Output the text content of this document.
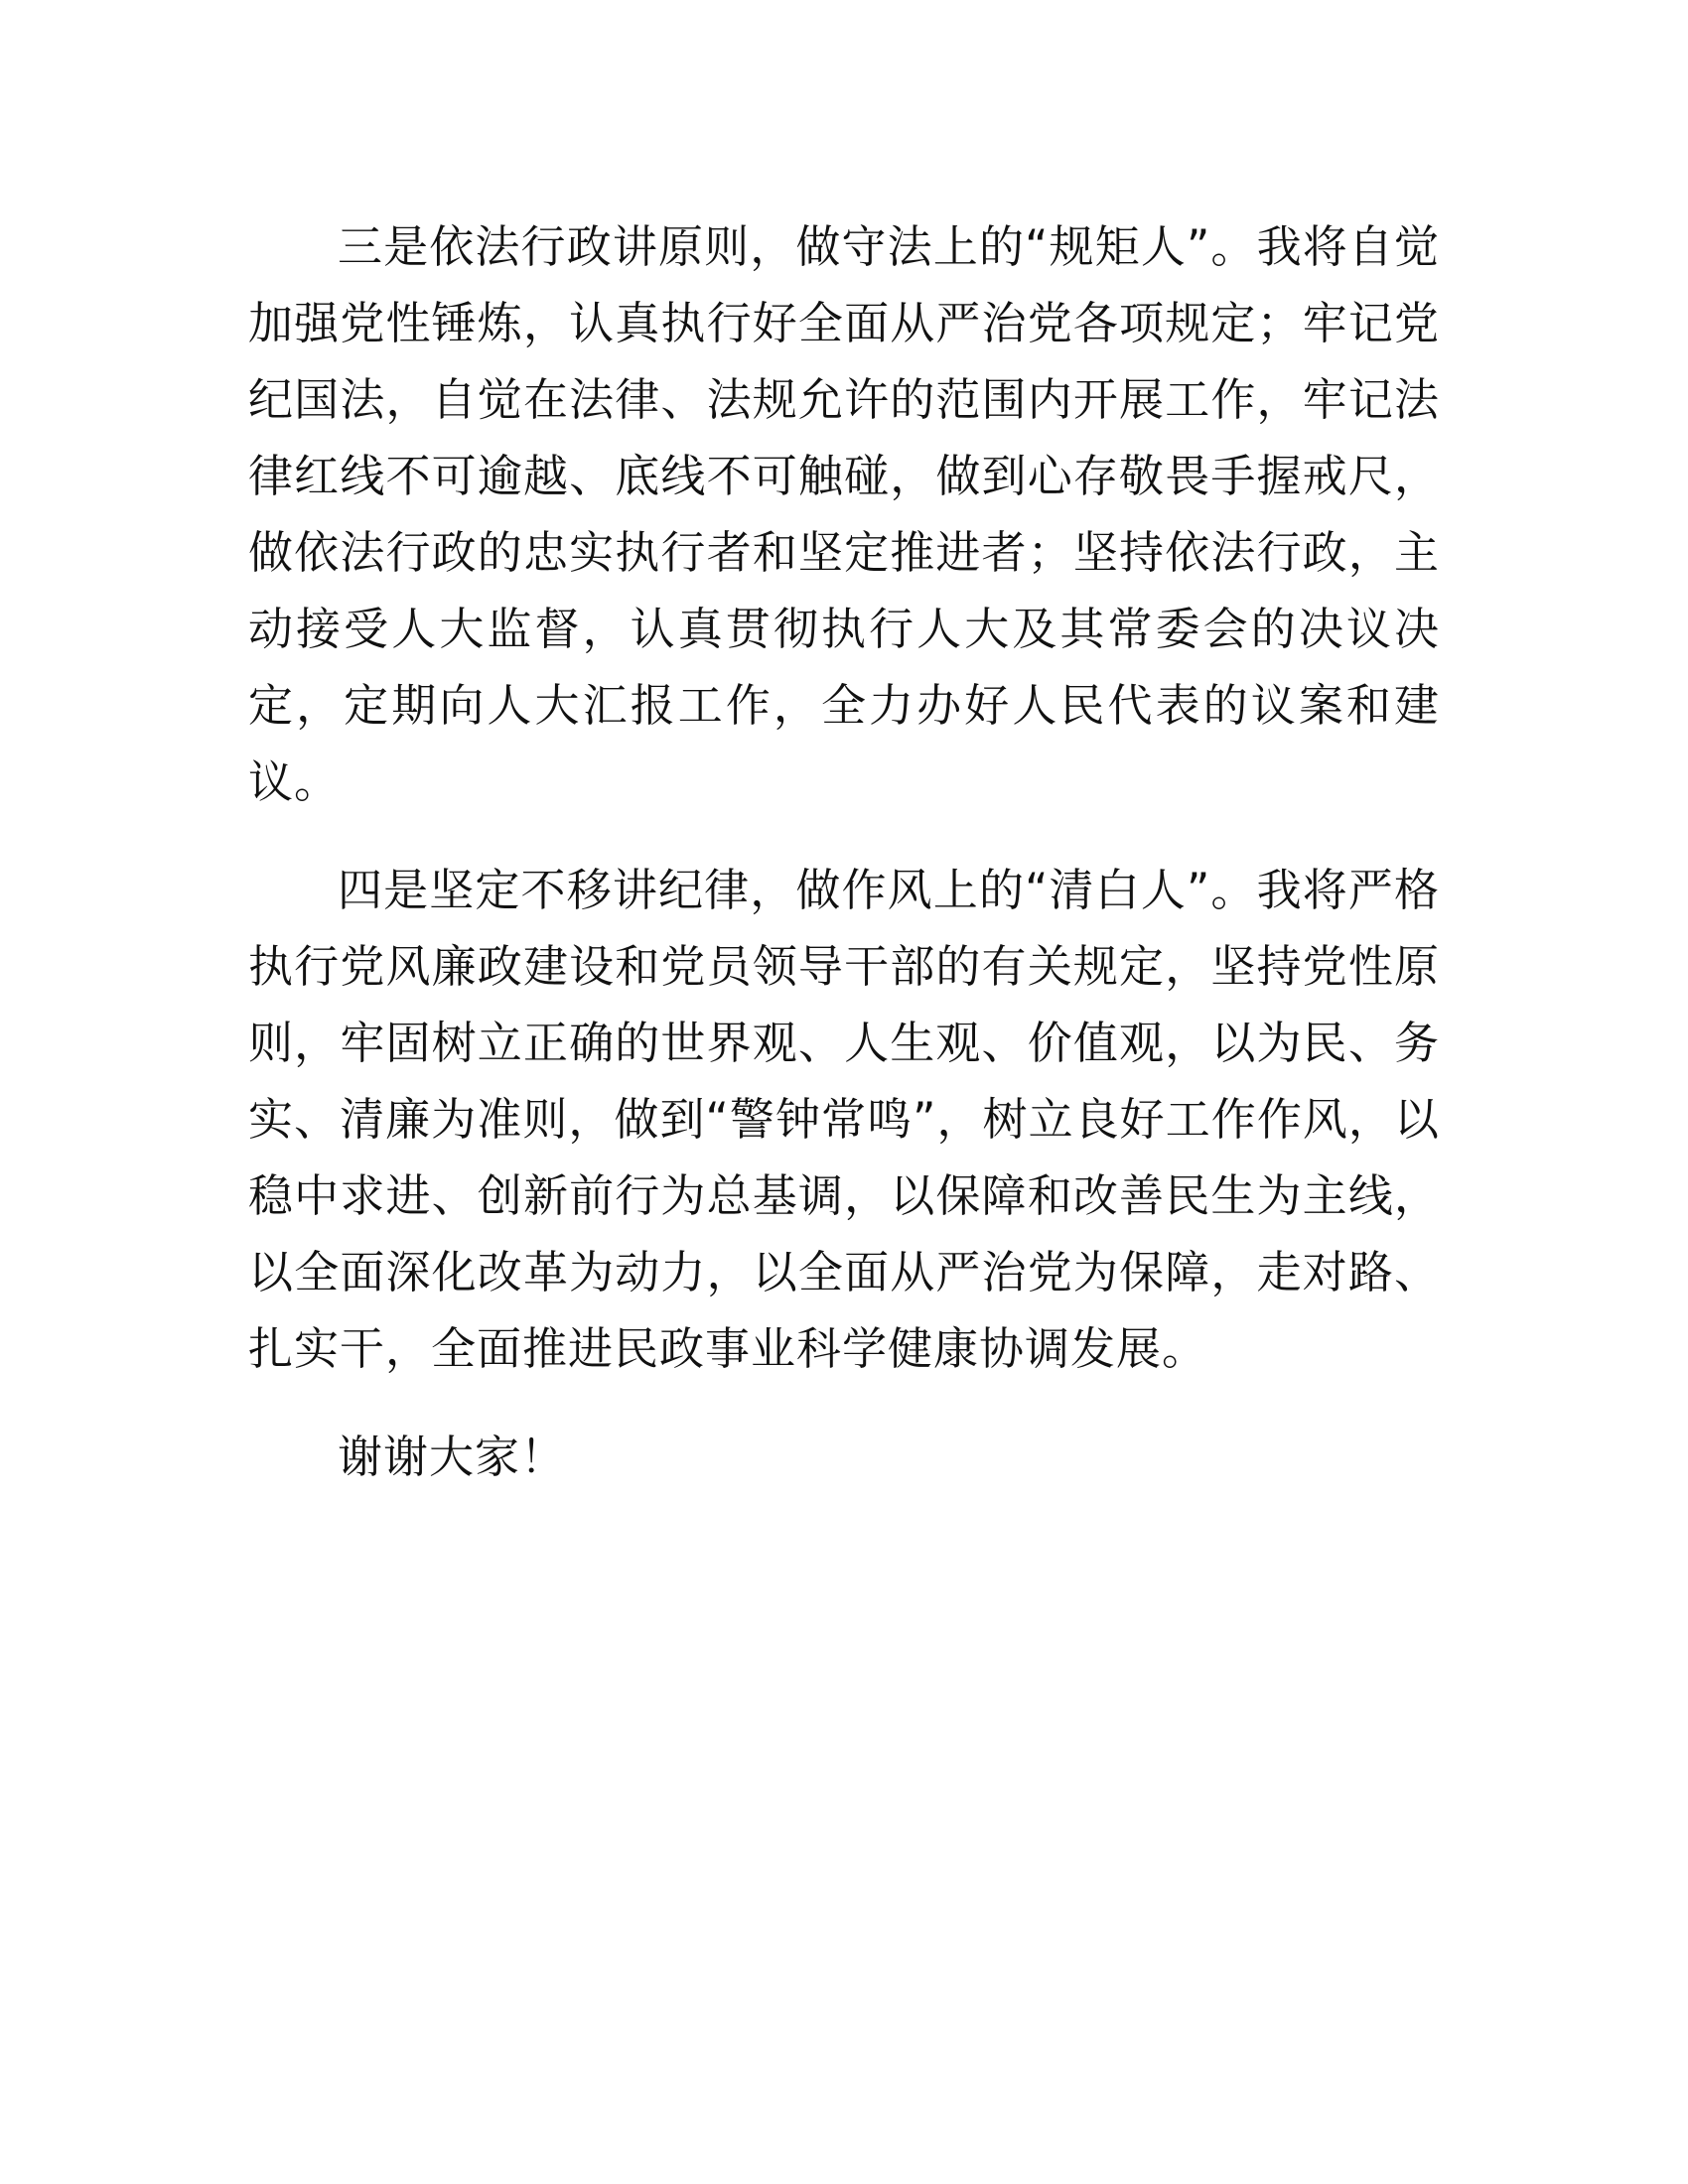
三是依法行政讲原则，做守法上的“规矩人”。我将自觉加强党性锤炼，认真执行好全面从严治党各项规定；牢记党纪国法，自觉在法律、法规允许的范围内开展工作，牢记法律红线不可逾越、底线不可触碰，做到心存敬畏手握戒尺，做依法行政的忠实执行者和坚定推进者；坚持依法行政，主动接受人大监督，认真贯彻执行人大及其常委会的决议决定，定期向人大汇报工作，全力办好人民代表的议案和建议。

四是坚定不移讲纪律，做作风上的“清白人”。我将严格执行党风廉政建设和党员领导干部的有关规定，坚持党性原则，牢固树立正确的世界观、人生观、价值观，以为民、务实、清廉为准则，做到“警钟常鸣”，树立良好工作作风，以稳中求进、创新前行为总基调，以保障和改善民生为主线，以全面深化改革为动力，以全面从严治党为保障，走对路、扎实干，全面推进民政事业科学健康协调发展。

谢谢大家！
